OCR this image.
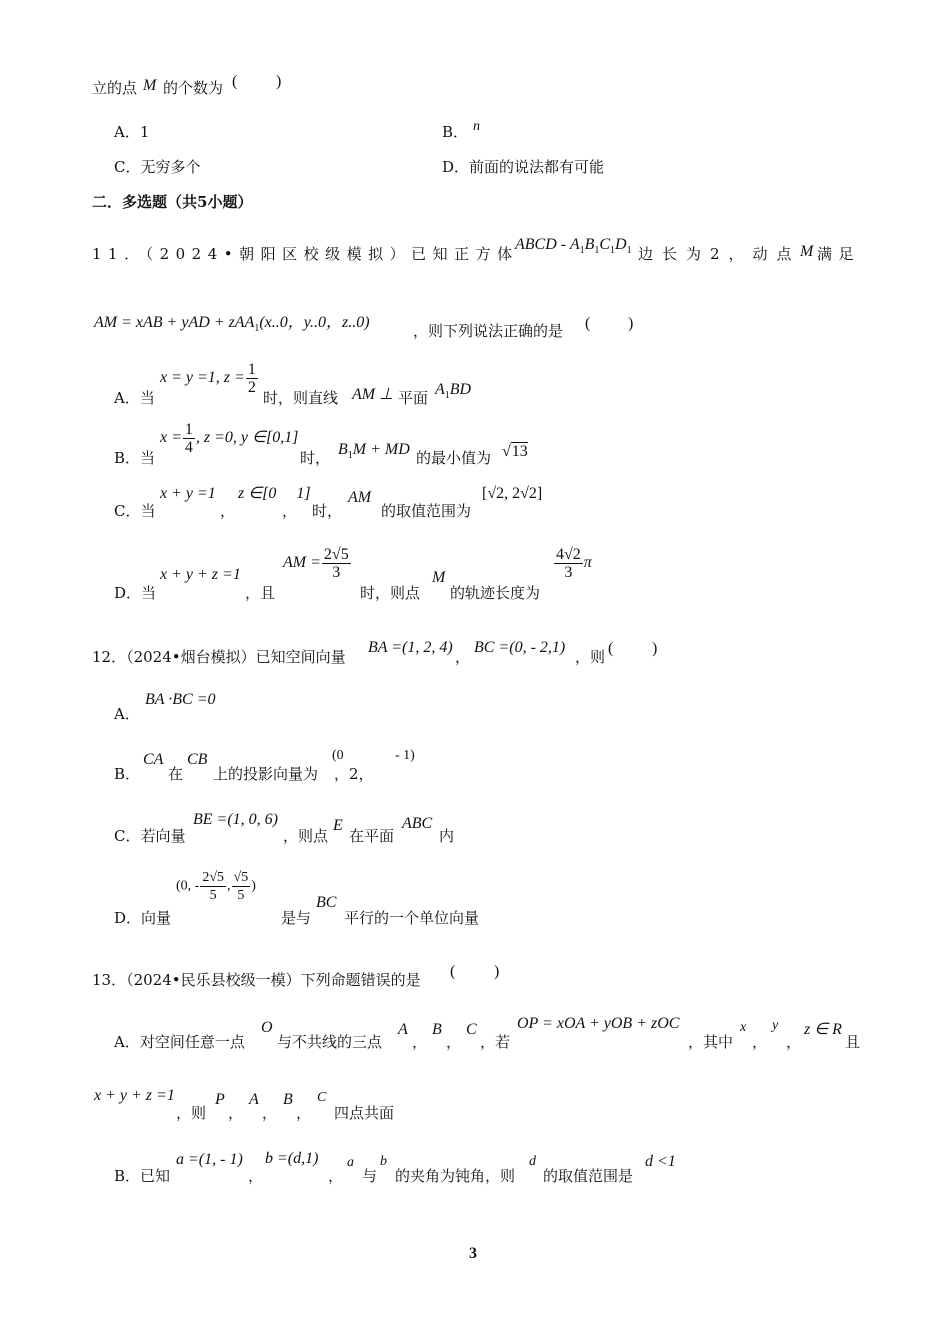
立的点 M 的个数为 ( )
A．1	B． n
C．无穷多个	D．前面的说法都有可能
二．多选题（共5小题）
11．（2024•朝阳区校级模拟）已知正方体
ABCD - $A_1B_1C_1D_1$ 边长为2，动点 M 满足
AM = xAB + yAD + zAA$_1$(x..0，y..0，z..0)	，则下列说法正确的是 ( )
A．当
x = y =1, $z = \frac{1}{2}$
时，则直线 AM ⊥ 平面 $A_1BD$
B．当
$x = \frac{1}{4}$ , z =0, y ∈[0,1]
时， $B_1M$ + MD 的最小值为 √13
C．当
x + y =1
，
z ∈[0　 1]
， 时，
AM
的取值范围为
[√2, 2√2]
D．当
x + y + z =1
，且
AM = $\frac{2√5}{3}$
时，则点
M
的轨迹长度为
$\frac{4√2}{3}$ π
12．（2024•烟台模拟）已知空间向量
BA =(1, 2, 4)
，
BC =(0, - 2,1)
，则 ( )
A．
BA ·BC =0
B．
CA
在
CB
上的投影向量为
(0
，2，
- 1)
C．若向量
BE =(1, 0, 6)
，则点
E
在平面
ABC
内
D．向量
(0, - $\frac{2√5}{5}$ , $\frac{√5}{5}$ )
是与
BC
平行的一个单位向量
13．（2024•民乐县校级一模）下列命题错误的是 ( )
A．对空间任意一点
O
与不共线的三点
A
，
B
，
C
，若
OP = xOA + yOB + zOC
，其中
x
，
y
，
z ∈ R
且
x + y + z =1
，则
P
，
A
，
B
，
C
四点共面
B．已知
a =(1, - 1)
，
b =(d,1)
，
a
与
b
的夹角为钝角，则
d
的取值范围是
d <1
3
